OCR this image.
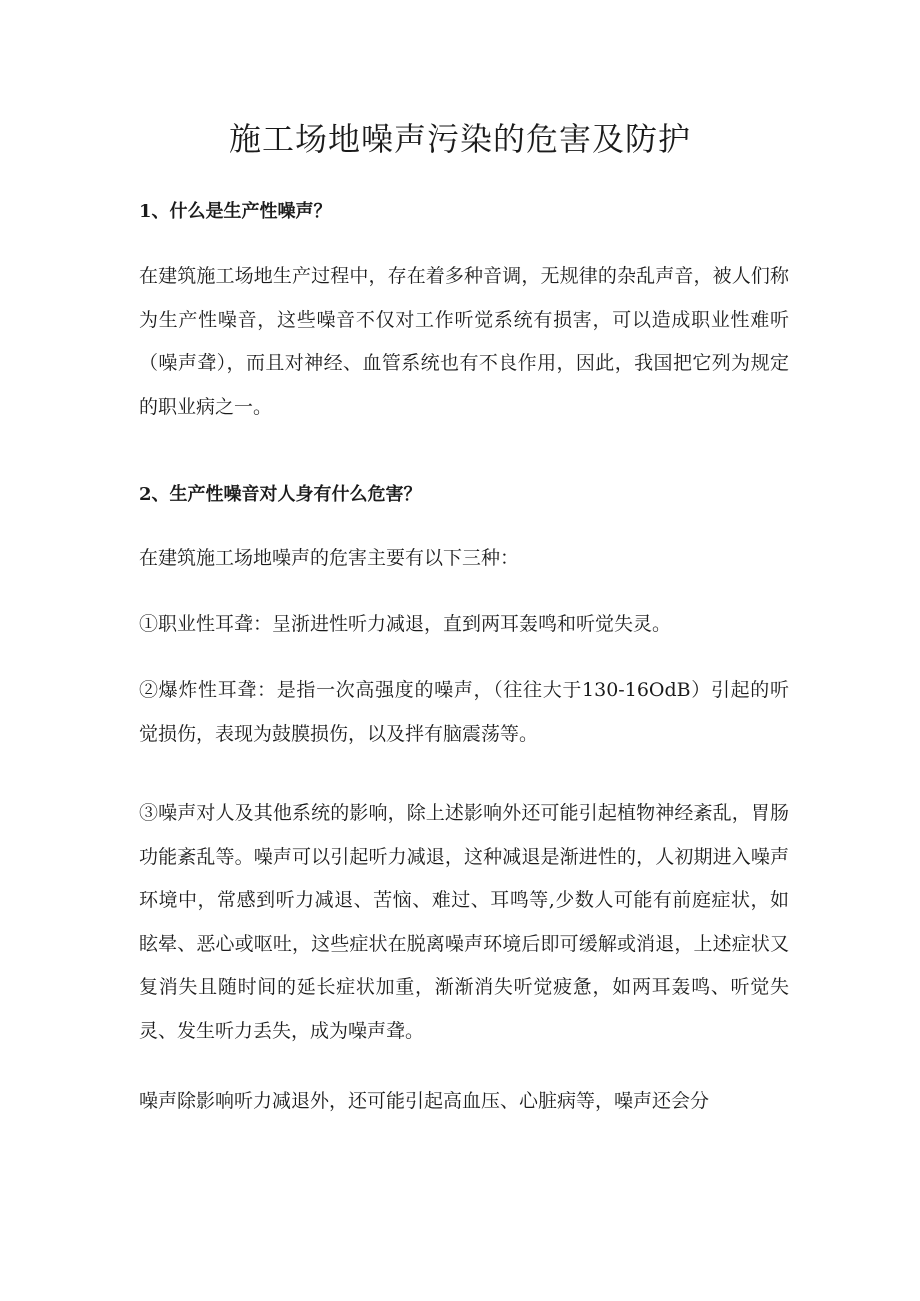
施工场地噪声污染的危害及防护
1、什么是生产性噪声？

在建筑施工场地生产过程中，存在着多种音调，无规律的杂乱声音，被人们称为生产性噪音，这些噪音不仅对工作听觉系统有损害，可以造成职业性难听（噪声聋），而且对神经、血管系统也有不良作用，因此，我国把它列为规定的职业病之一。

2、生产性噪音对人身有什么危害？

在建筑施工场地噪声的危害主要有以下三种：

①职业性耳聋：呈浙进性听力减退，直到两耳轰鸣和听觉失灵。

②爆炸性耳聋：是指一次高强度的噪声，（往往大于130-16OdB）引起的听觉损伤，表现为鼓膜损伤，以及拌有脑震荡等。

③噪声对人及其他系统的影响，除上述影响外还可能引起植物神经紊乱，胃肠功能紊乱等。噪声可以引起听力减退，这种减退是渐进性的，人初期进入噪声环境中，常感到听力减退、苦恼、难过、耳鸣等,少数人可能有前庭症状，如眩晕、恶心或呕吐，这些症状在脱离噪声环境后即可缓解或消退，上述症状又复消失且随时间的延长症状加重，渐渐消失听觉疲惫，如两耳轰鸣、听觉失灵、发生听力丢失，成为噪声聋。

噪声除影响听力减退外，还可能引起高血压、心脏病等，噪声还会分
